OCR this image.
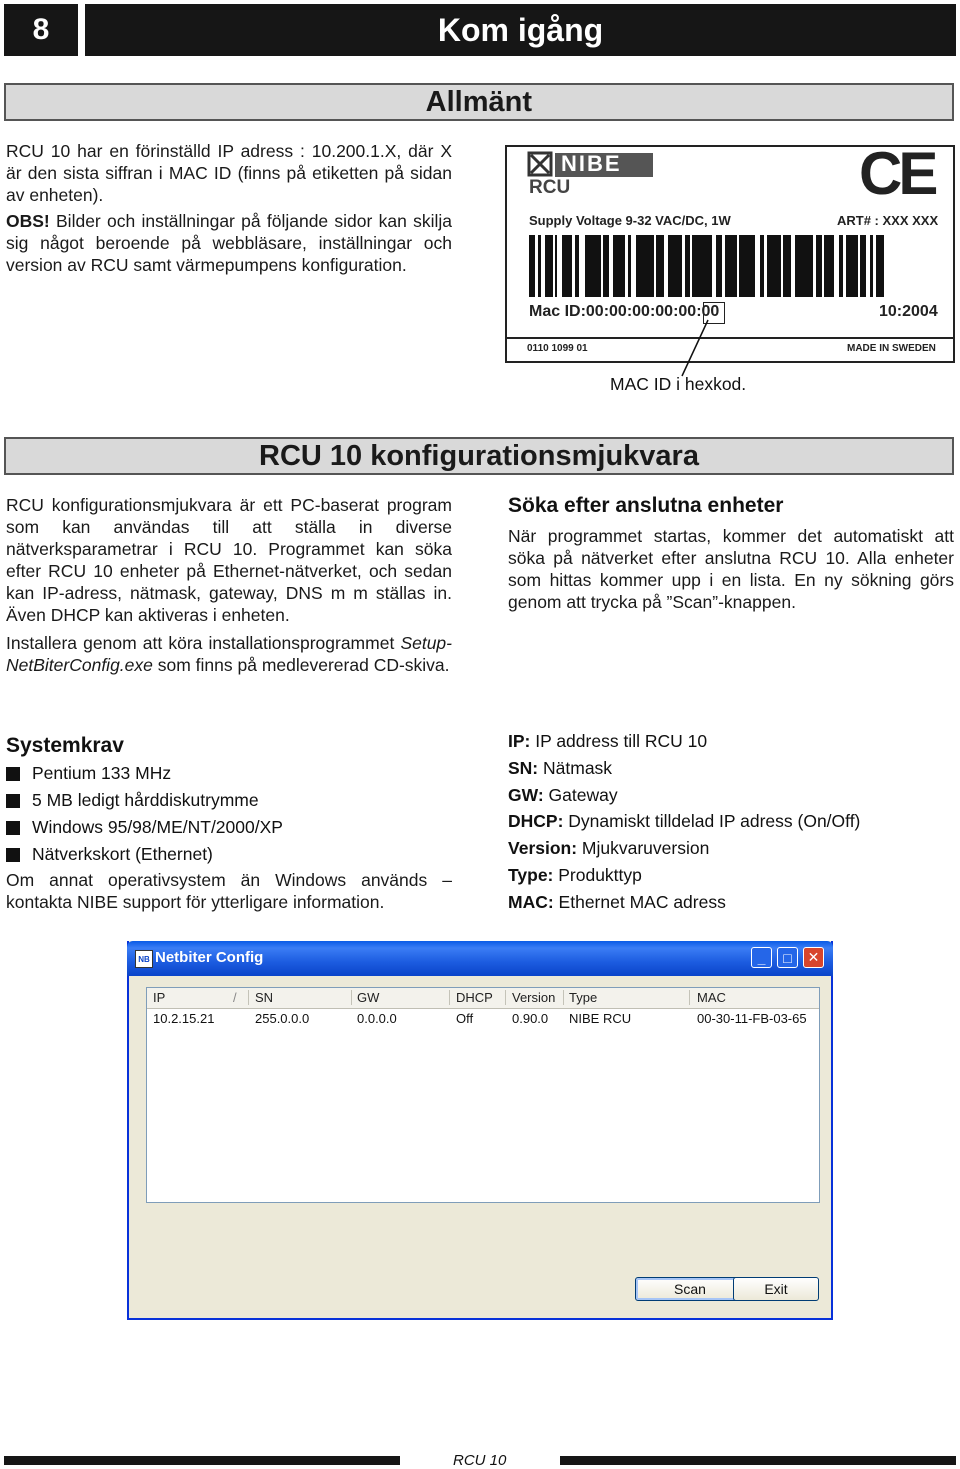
8	Kom igång
Allmänt
RCU 10 har en förinställd IP adress : 10.200.1.X, där X är den sista siffran i MAC ID (finns på etiketten på sidan av enheten).
OBS! Bilder och inställningar på följande sidor kan skilja sig något beroende på webbläsare, inställningar och version av RCU samt värmepumpens konfiguration.
NIBE
RCU	CE
Supply Voltage 9-32 VAC/DC, 1W	ART# : XXX XXX
Mac ID:00:00:00:00:00:00	10:2004
0110 1099 01	MADE IN SWEDEN
MAC ID i hexkod.
RCU 10 konfigurationsmjukvara
RCU konfigurationsmjukvara är ett PC-baserat program som kan användas till att ställa in diverse nätverksparametrar i RCU 10. Programmet kan söka efter RCU 10 enheter på Ethernet-nätverket, och sedan kan IP-adress, nätmask, gateway, DNS m m ställas in. Även DHCP kan aktiveras i enheten.
Installera genom att köra installationsprogrammet Setup-NetBiterConfig.exe som finns på medlevererad CD-skiva.
Söka efter anslutna enheter
När programmet startas, kommer det automatiskt att söka på nätverket efter anslutna RCU 10. Alla enheter som hittas kommer upp i en lista. En ny sökning görs genom att trycka på ”Scan”-knappen.
Systemkrav
Pentium 133 MHz
5 MB ledigt hårddiskutrymme
Windows 95/98/ME/NT/2000/XP
Nätverkskort (Ethernet)
Om annat operativsystem än Windows används – kontakta NIBE support för ytterligare information.
IP: IP address till RCU 10
SN: Nätmask
GW: Gateway
DHCP: Dynamiskt tilldelad IP adress (On/Off)
Version: Mjukvaruversion
Type: Produkttyp
MAC: Ethernet MAC adress
NB Netbiter Config	_	□	✕
IP	/ SN	GW	DHCP Version Type	MAC
10.2.15.21	255.0.0.0	0.0.0.0	Off	0.90.0 NIBE RCU	00-30-11-FB-03-65
Scan	Exit
RCU 10
